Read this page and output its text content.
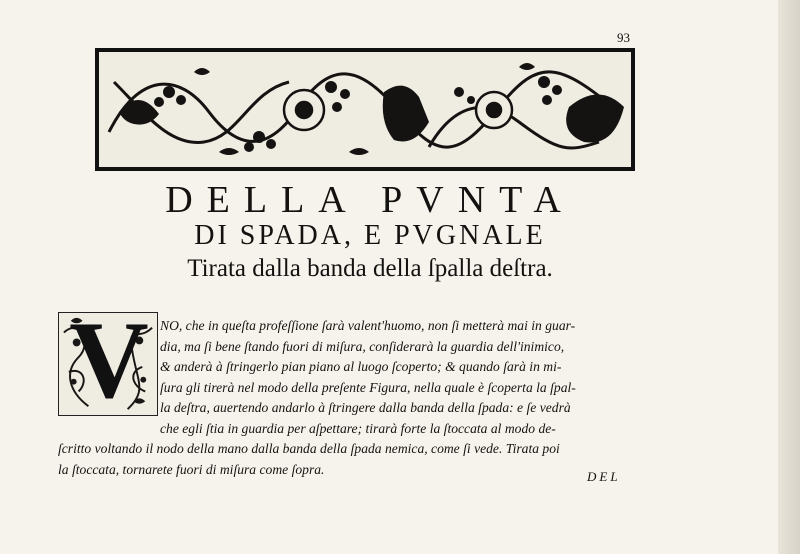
93
DELLA PVNTA
DI SPADA, E PVGNALE
Tirata dalla banda della ſpalla deſtra.
V NO, che in queſta profeſſione ſarà valent'huomo, non ſi metterà mai in guar-
dia, ma ſi bene ſtando fuori di miſura, conſiderarà la guardia dell'inimico,
& anderà à ſtringerlo pian piano al luogo ſcoperto; & quando ſarà in mi-
ſura gli tirerà nel modo della preſente Figura, nella quale è ſcoperta la ſpal-
la deſtra, auertendo andarlo à ſtringere dalla banda della ſpada: e ſe vedrà
che egli ſtia in guardia per aſpettare; tirarà forte la ſtoccata al modo de-
ſcritto voltando il nodo della mano dalla banda della ſpada nemica, come ſi vede. Tirata poi
la ſtoccata, tornarete fuori di miſura come ſopra.	DEL
